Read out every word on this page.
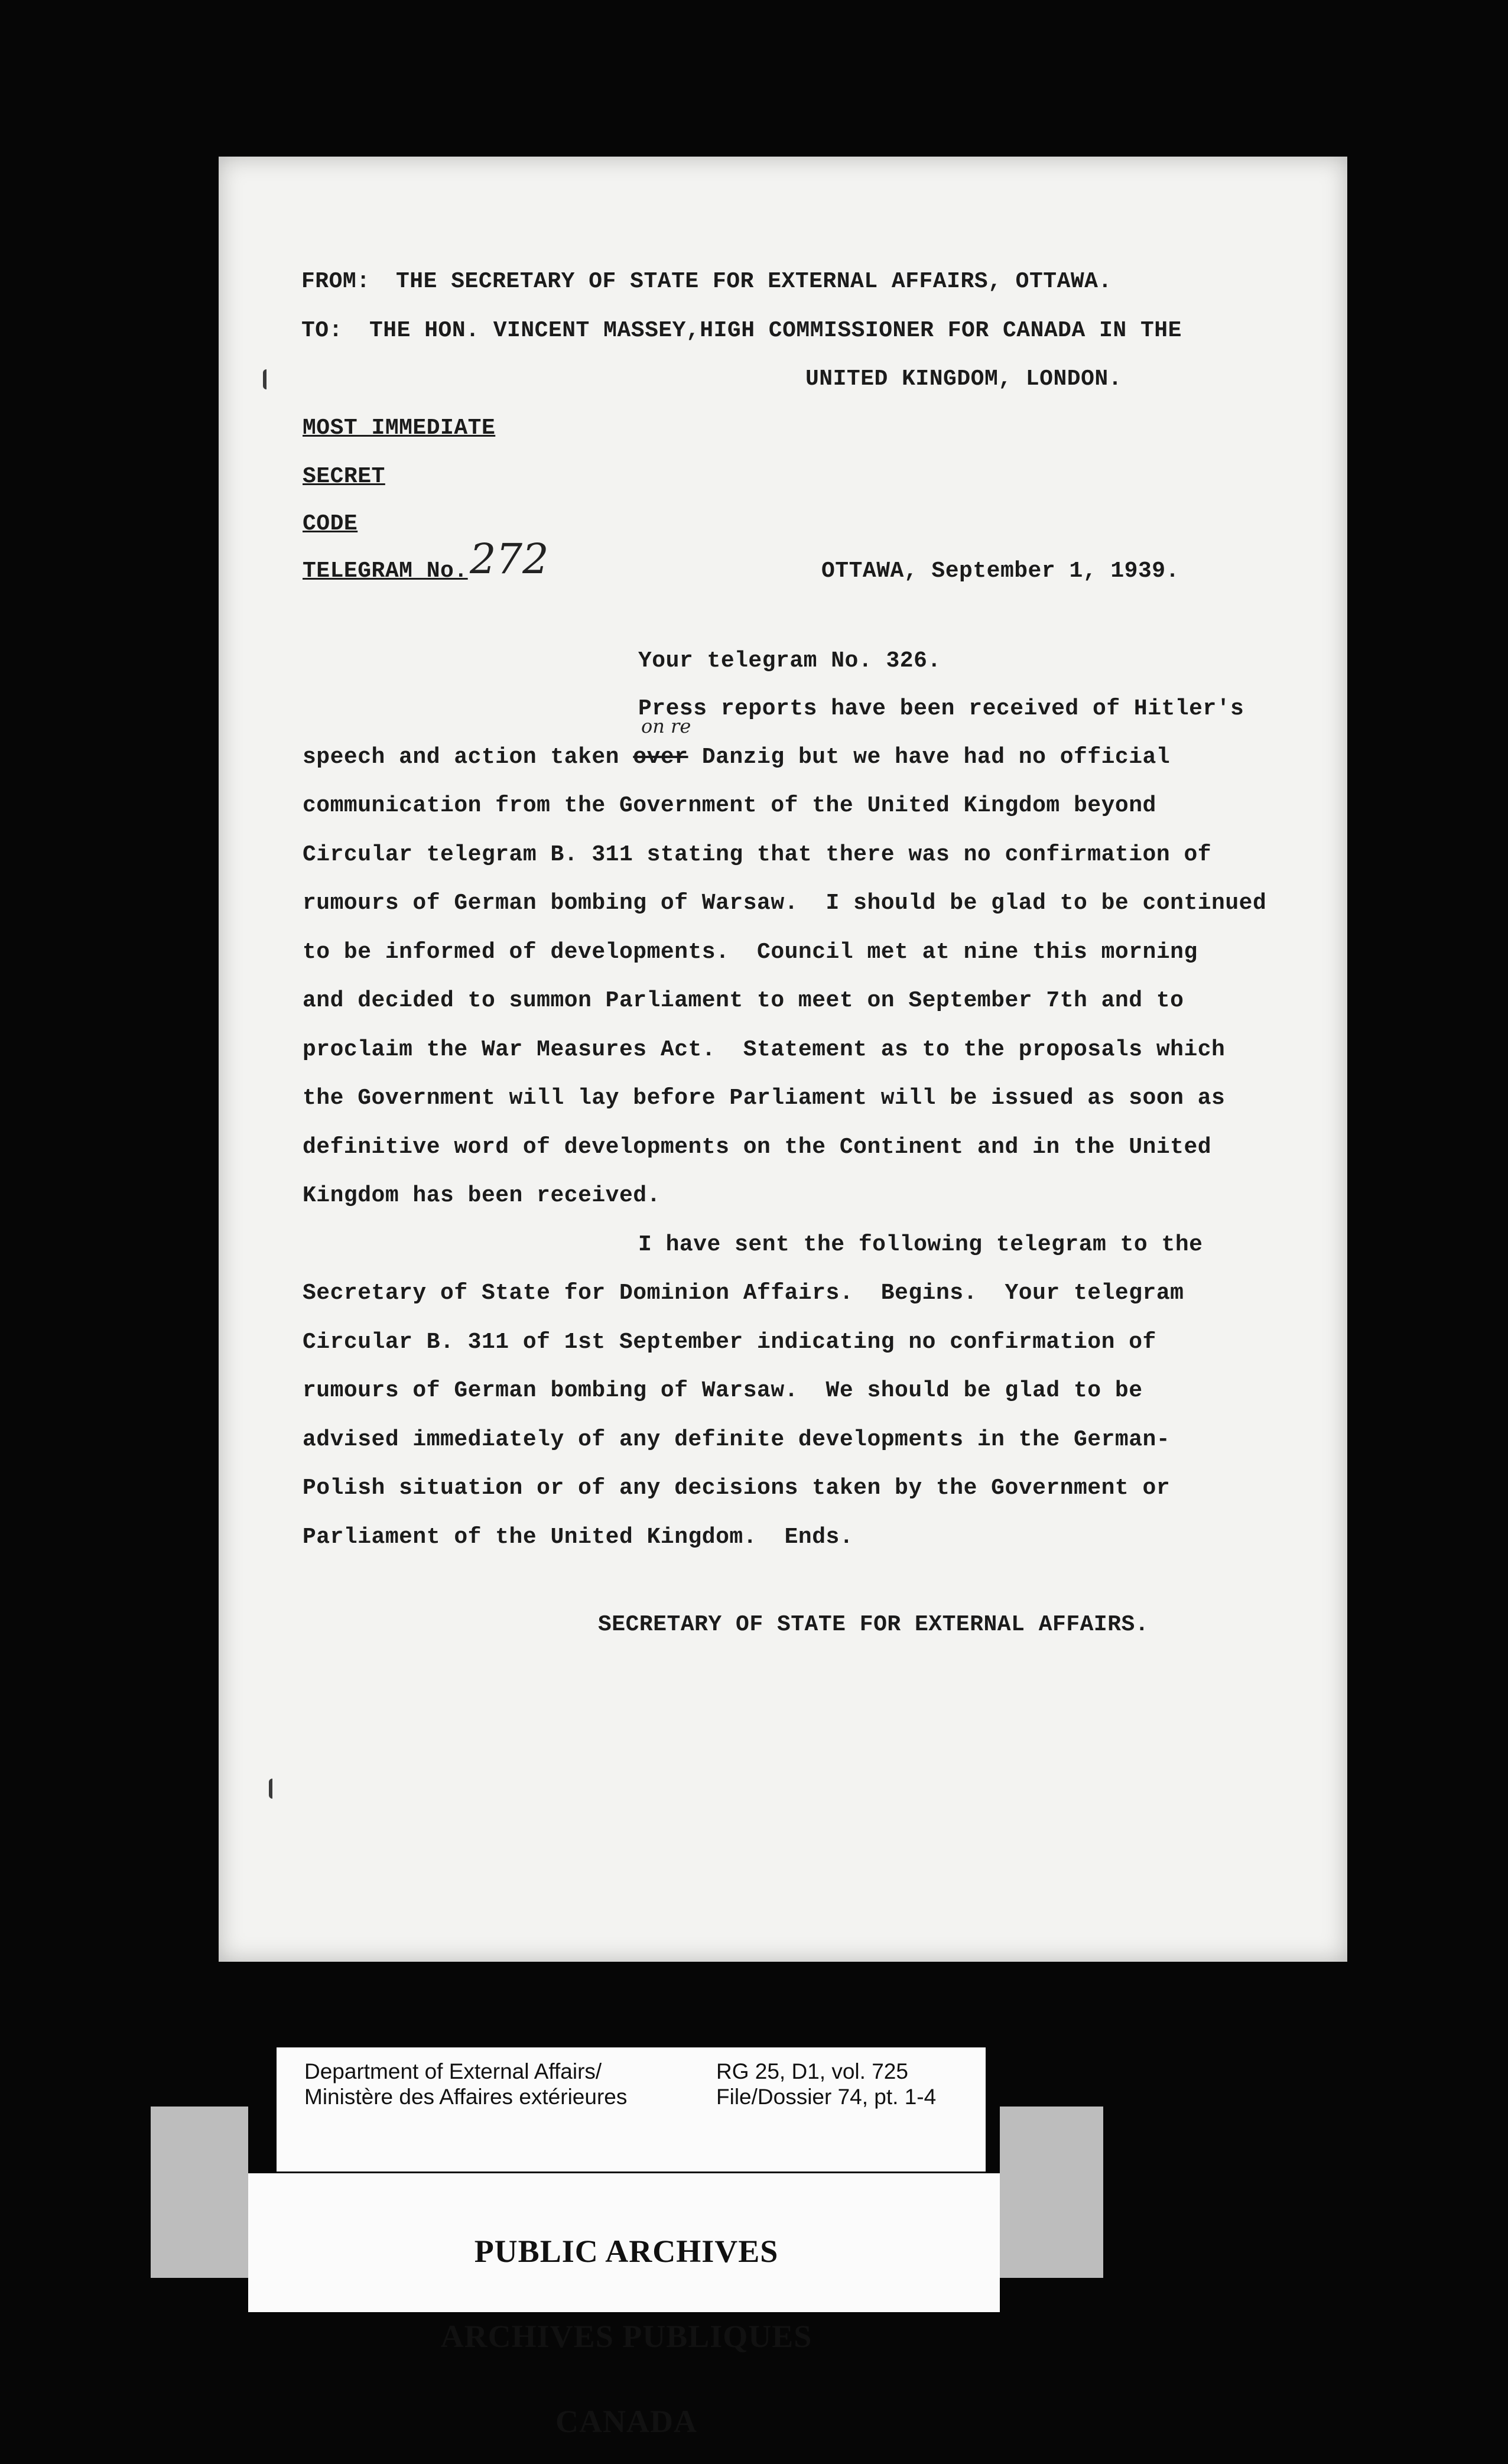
FROM: THE SECRETARY OF STATE FOR EXTERNAL AFFAIRS, OTTAWA.
TO: THE HON. VINCENT MASSEY,HIGH COMMISSIONER FOR CANADA IN THE
UNITED KINGDOM, LONDON.
MOST IMMEDIATE
SECRET
CODE
TELEGRAM No. 272	OTTAWA, September 1, 1939.
Your telegram No. 326.
Press reports have been received of Hitler's
on re
speech and action taken over Danzig but we have had no official
communication from the Government of the United Kingdom beyond
Circular telegram B. 311 stating that there was no confirmation of
rumours of German bombing of Warsaw.  I should be glad to be continued
to be informed of developments.  Council met at nine this morning
and decided to summon Parliament to meet on September 7th and to
proclaim the War Measures Act.  Statement as to the proposals which
the Government will lay before Parliament will be issued as soon as
definitive word of developments on the Continent and in the United
Kingdom has been received.
I have sent the following telegram to the
Secretary of State for Dominion Affairs.  Begins.  Your telegram
Circular B. 311 of 1st September indicating no confirmation of
rumours of German bombing of Warsaw.  We should be glad to be
advised immediately of any definite developments in the German-
Polish situation or of any decisions taken by the Government or
Parliament of the United Kingdom.  Ends.
SECRETARY OF STATE FOR EXTERNAL AFFAIRS.
Department of External Affairs/
Ministère des Affaires extérieures
RG 25, D1, vol. 725
File/Dossier 74, pt. 1-4

PUBLIC ARCHIVES

ARCHIVES PUBLIQUES

CANADA
